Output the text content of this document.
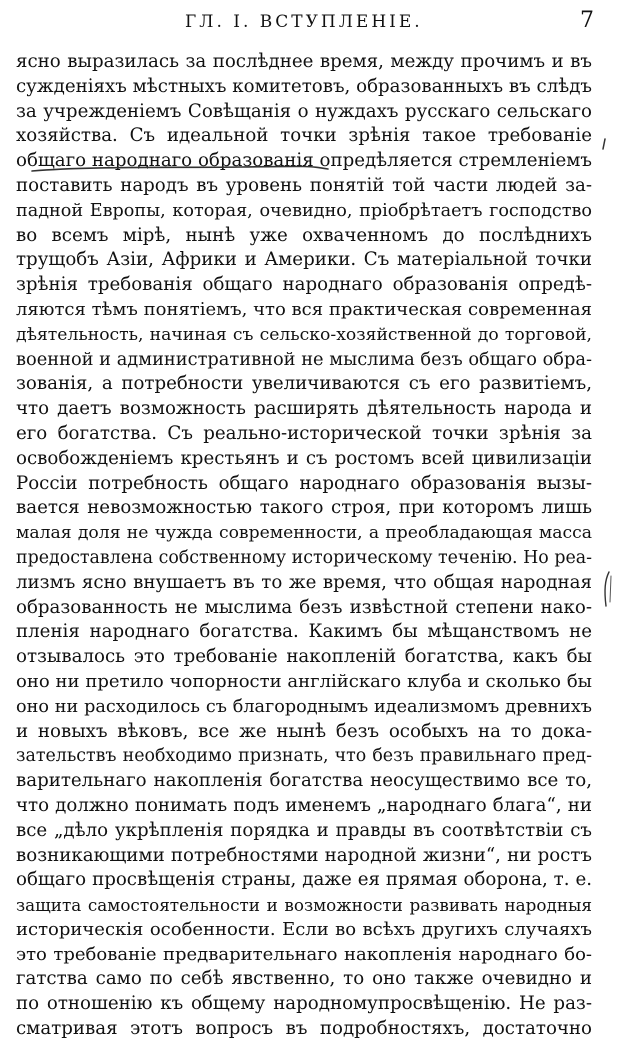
ГЛ. I. ВСТУПЛЕНІЕ.	7
ясно выразилась за послѣднее время, между прочимъ и въ
сужденіяхъ мѣстныхъ комитетовъ, образованныхъ въ слѣдъ
за учрежденіемъ Совѣщанія о нуждахъ русскаго сельскаго
хозяйства. Съ идеальной точки зрѣнія такое требованіе
общаго народнаго образованія опредѣляется стремленіемъ
поставить народъ въ уровень понятій той части людей за-
падной Европы, которая, очевидно, пріобрѣтаетъ господство
во всемъ мірѣ, нынѣ уже охваченномъ до послѣднихъ
трущобъ Азіи, Африки и Америки. Съ матеріальной точки
зрѣнія требованія общаго народнаго образованія опредѣ-
ляются тѣмъ понятіемъ, что вся практическая современная
дѣятельность, начиная съ сельско-хозяйственной до торговой,
военной и административной не мыслима безъ общаго обра-
зованія, а потребности увеличиваются съ его развитіемъ,
что даетъ возможность расширять дѣятельность народа и
его богатства. Съ реально-исторической точки зрѣнія за
освобожденіемъ крестьянъ и съ ростомъ всей цивилизаціи
Россіи потребность общаго народнаго образованія вызы-
вается невозможностью такого строя, при которомъ лишь
малая доля не чужда современности, а преобладающая масса
предоставлена собственному историческому теченію. Но реа-
лизмъ ясно внушаетъ въ то же время, что общая народная
образованность не мыслима безъ извѣстной степени нако-
пленія народнаго богатства. Какимъ бы мѣщанствомъ не
отзывалось это требованіе накопленій богатства, какъ бы
оно ни претило чопорности англійскаго клуба и сколько бы
оно ни расходилось съ благороднымъ идеализмомъ древнихъ
и новыхъ вѣковъ, все же нынѣ безъ особыхъ на то дока-
зательствъ необходимо признать, что безъ правильнаго пред-
варительнаго накопленія богатства неосуществимо все то,
что должно понимать подъ именемъ „народнаго блага“, ни
все „дѣло укрѣпленія порядка и правды въ соотвѣтствіи съ
возникающими потребностями народной жизни“, ни ростъ
общаго просвѣщенія страны, даже ея прямая оборона, т. е.
защита самостоятельности и возможности развивать народныя
историческія особенности. Если во всѣхъ другихъ случаяхъ
это требованіе предварительнаго накопленія народнаго бо-
гатства само по себѣ явственно, то оно также очевидно и
по отношенію къ общему народномупросвѣщенію. Не раз-
сматривая этотъ вопросъ въ подробностяхъ, достаточно
